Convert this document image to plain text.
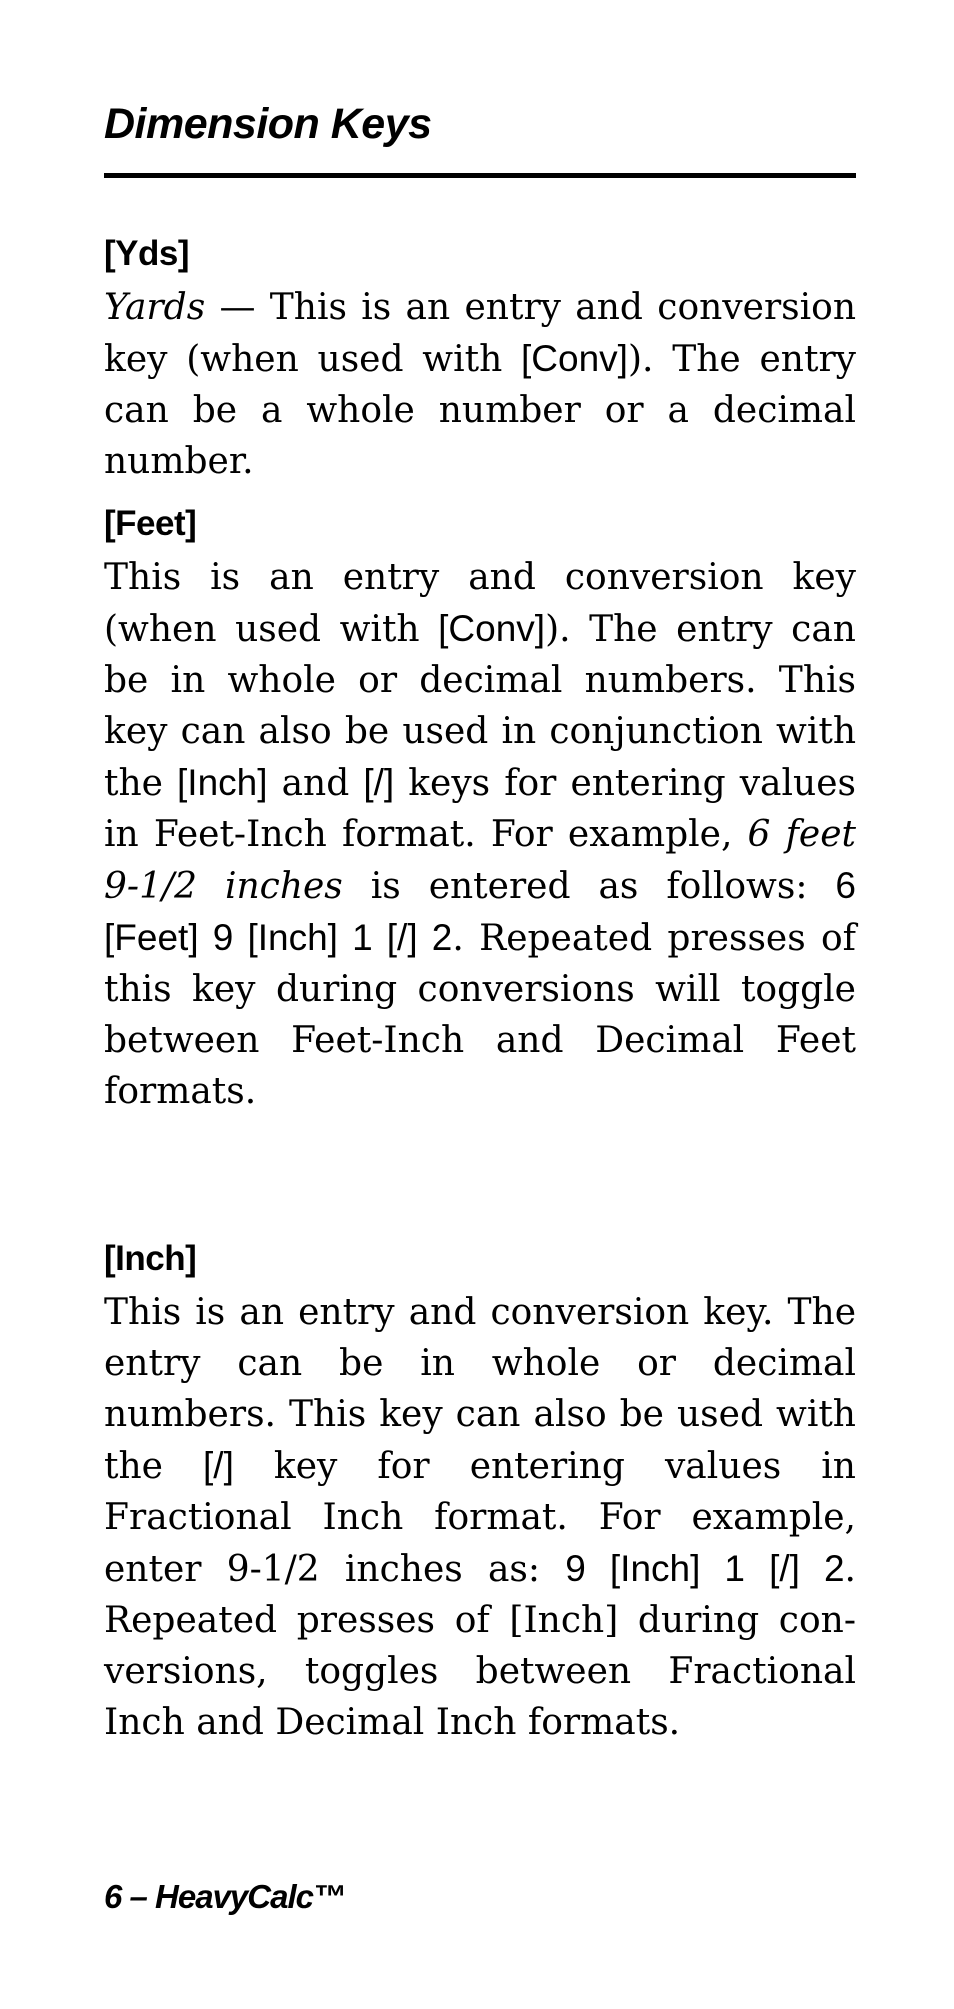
Dimension Keys
[Yds]

Yards — This is an entry and conversion key (when used with [Conv]). The entry can be a whole number or a decimal number.

[Feet]

This is an entry and conversion key (when used with [Conv]). The entry can be in whole or decimal numbers. This key can also be used in conjunction with the [Inch] and [/] keys for entering values in Feet-Inch format. For example, 6 feet 9-1/2 inches is entered as follows: 6 [Feet] 9 [Inch] 1 [/] 2. Repeated presses of this key during conversions will toggle between Feet-Inch and Decimal Feet formats.

[Inch]

This is an entry and conversion key. The entry can be in whole or decimal numbers. This key can also be used with the [/] key for entering values in Fractional Inch format. For example, enter 9-1/2 inches as: 9 [Inch] 1 [/] 2. Repeated presses of [Inch] during conversions, toggles between Fractional Inch and Decimal Inch formats.

6 – HeavyCalc™
